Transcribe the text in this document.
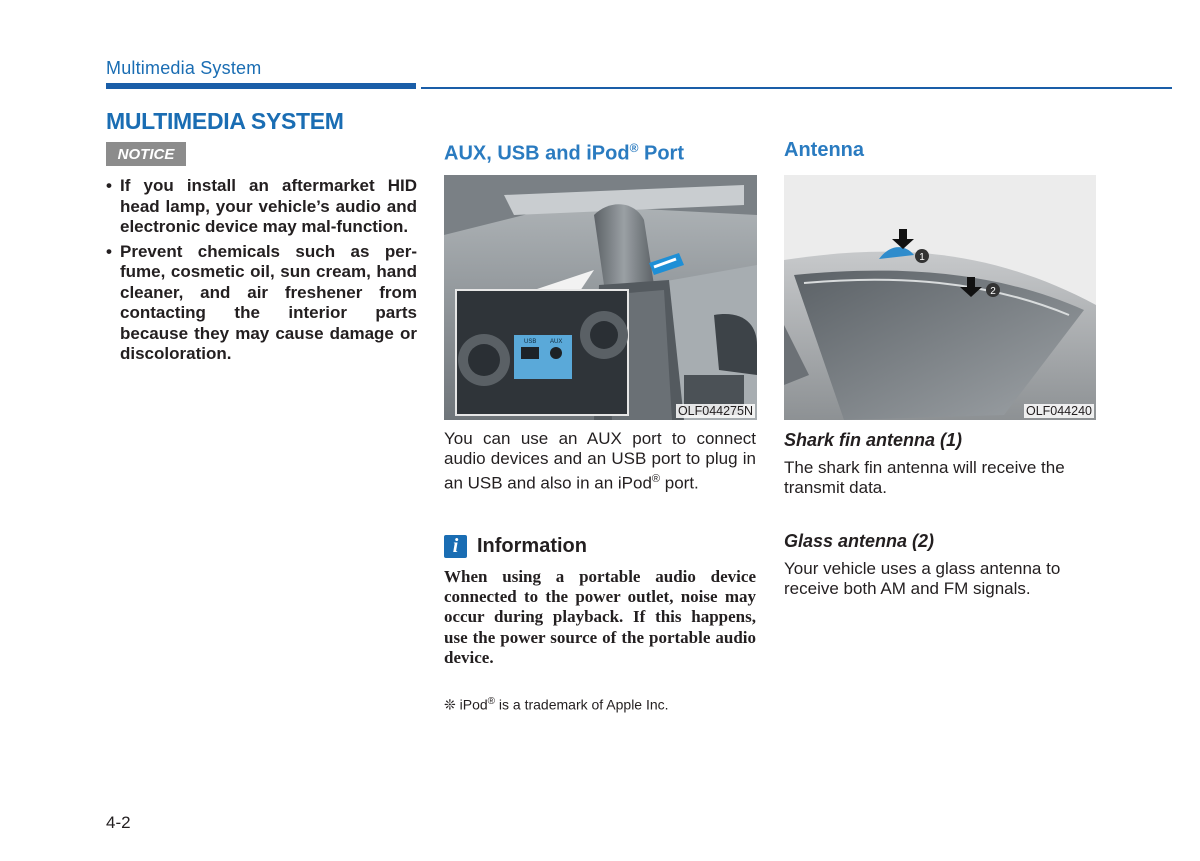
Multimedia System
MULTIMEDIA SYSTEM
NOTICE
• If you install an aftermarket HID head lamp, your vehicle’s audio and electronic device may mal-function.
• Prevent chemicals such as per-fume, cosmetic oil, sun cream, hand cleaner, and air freshener from contacting the interior parts because they may cause damage or discoloration.
AUX, USB and iPod® Port
USB AUX
OLF044275N
You can use an AUX port to connect audio devices and an USB port to plug in an USB and also in an iPod® port.
i Information
When using a portable audio device connected to the power outlet, noise may occur during playback. If this happens, use the power source of the portable audio device.
❊ iPod® is a trademark of Apple Inc.
Antenna
1
2
OLF044240
Shark fin antenna (1)
The shark fin antenna will receive the transmit data.
Glass antenna (2)
Your vehicle uses a glass antenna to receive both AM and FM signals.
4-2
